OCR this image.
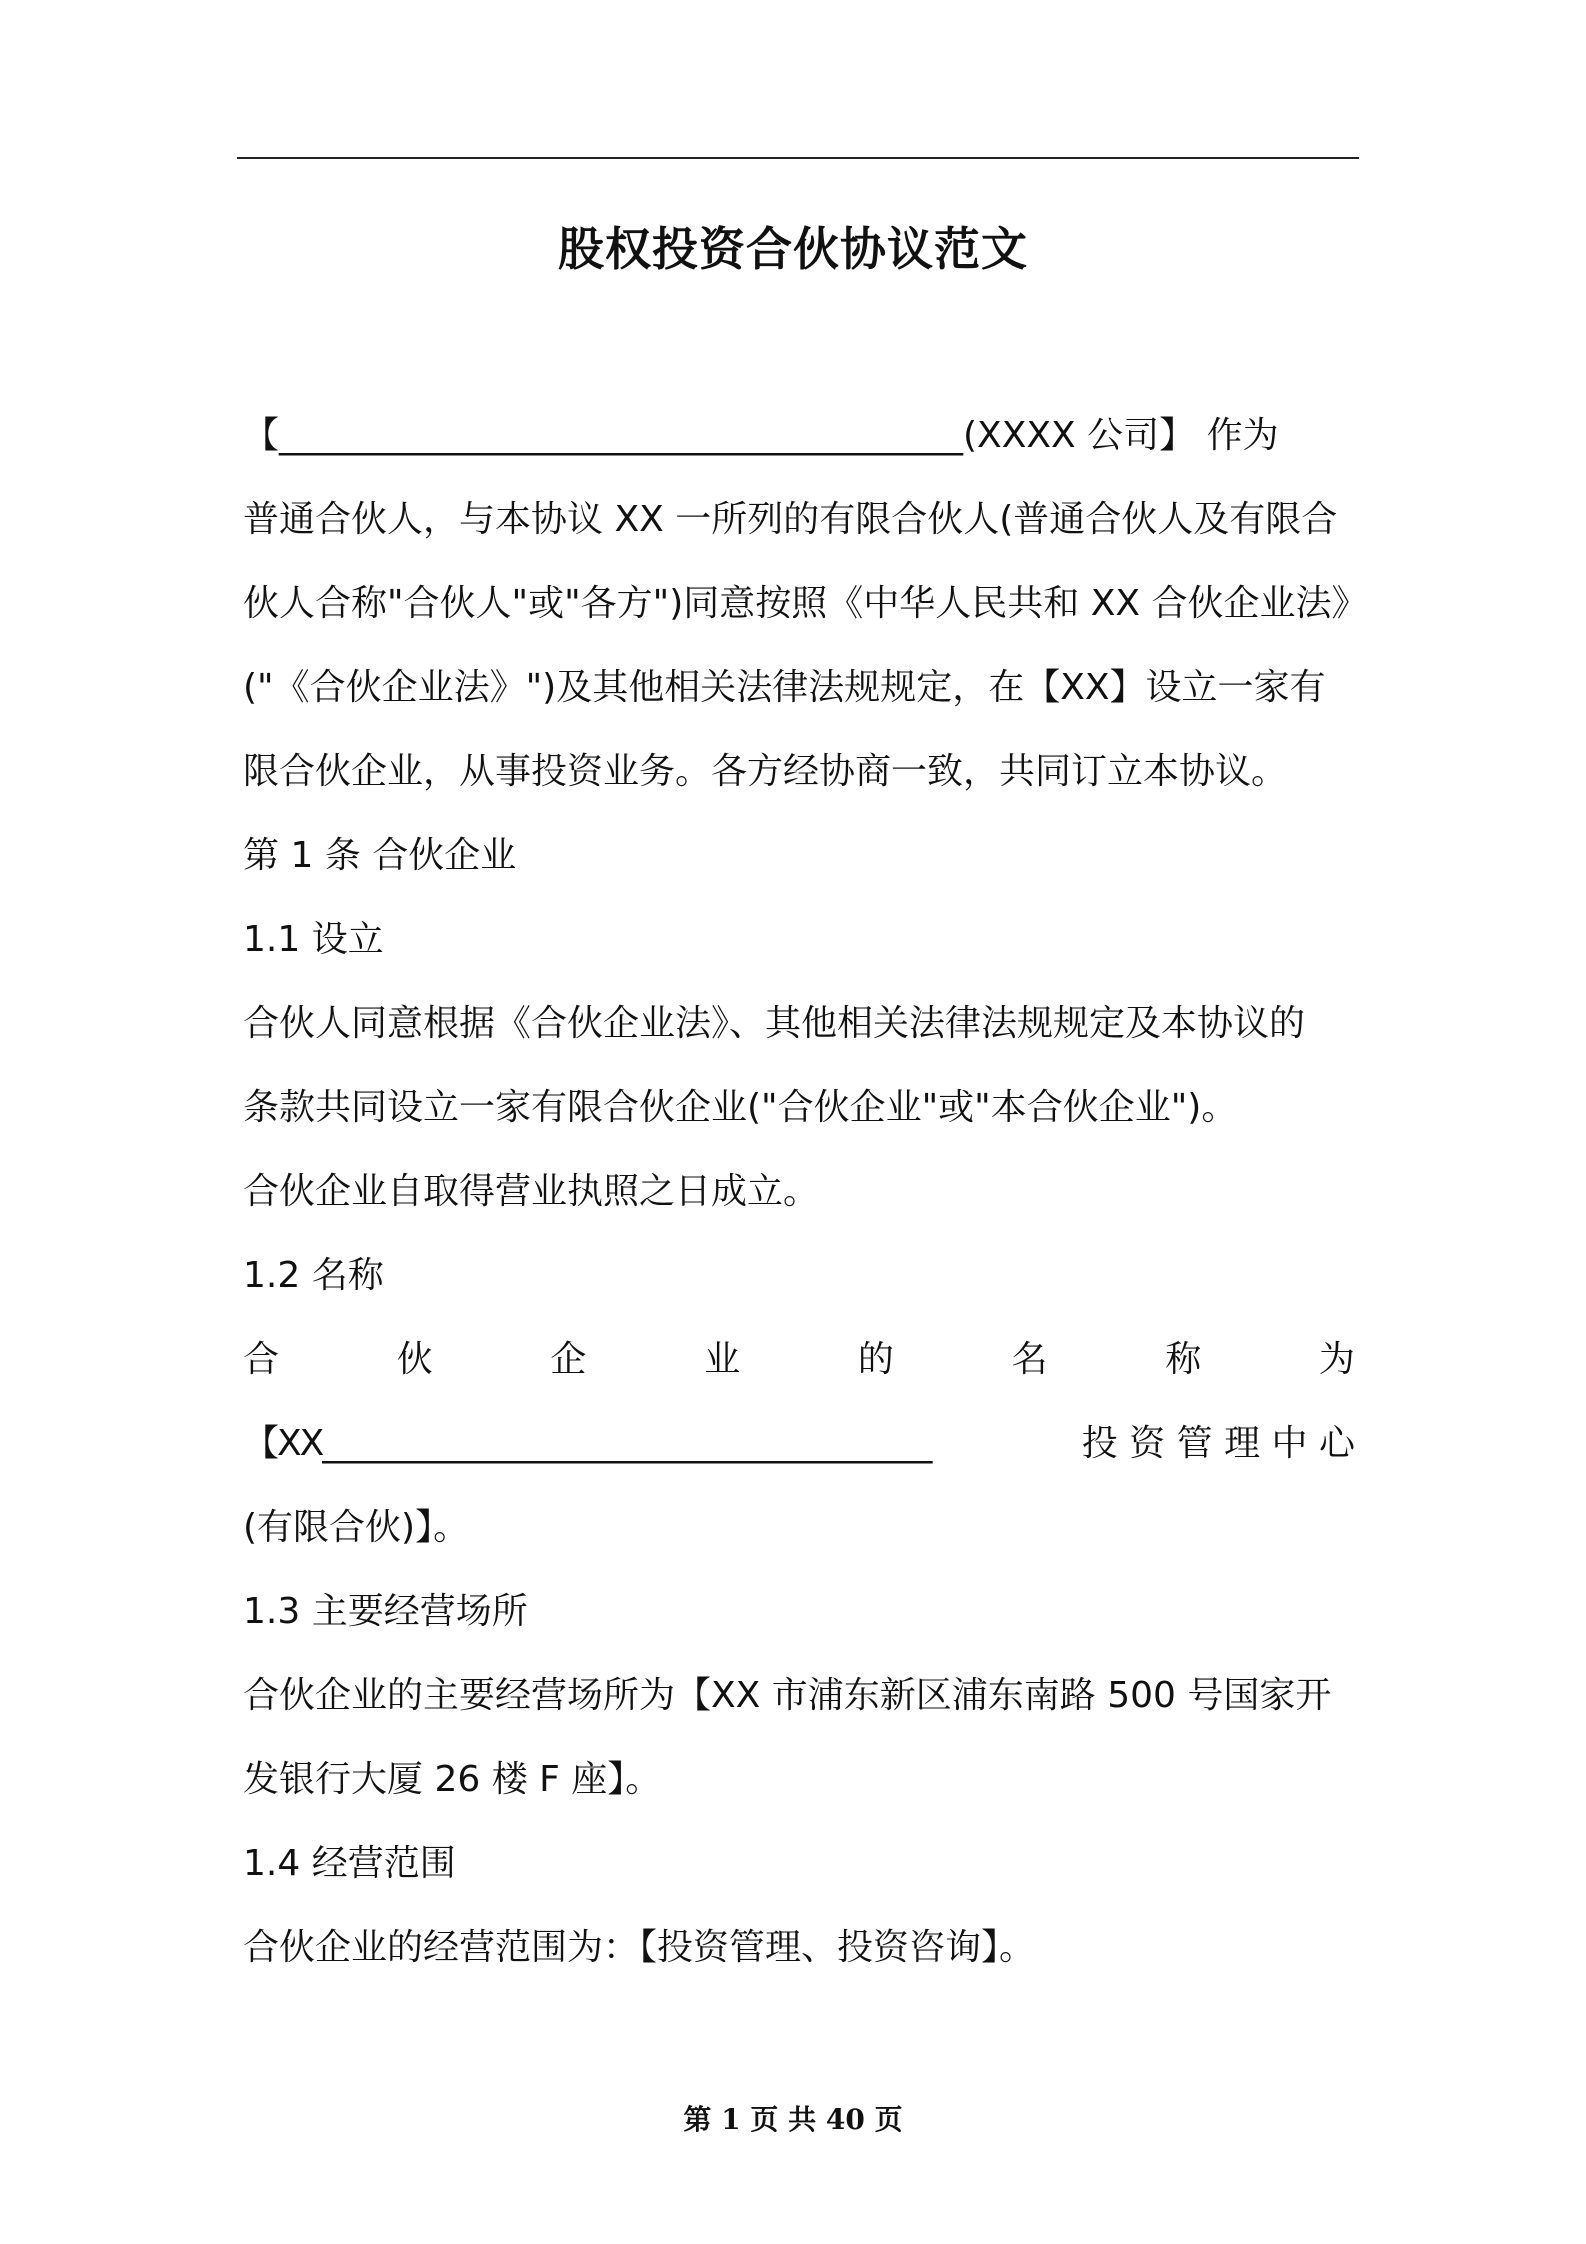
股权投资合伙协议范文
【______________________________________(XXXX 公司】 作为
普通合伙人，与本协议 XX 一所列的有限合伙人(普通合伙人及有限合
伙人合称"合伙人"或"各方")同意按照《中华人民共和 XX 合伙企业法》
("《合伙企业法》")及其他相关法律法规规定，在【XX】设立一家有
限合伙企业，从事投资业务。各方经协商一致，共同订立本协议。
第 1 条 合伙企业
1.1 设立
合伙人同意根据《合伙企业法》、其他相关法律法规规定及本协议的
条款共同设立一家有限合伙企业("合伙企业"或"本合伙企业")。
合伙企业自取得营业执照之日成立。
1.2 名称
合	伙	企	业	的	名	称	为
【XX______________________________________	投 资 管 理 中 心
(有限合伙)】。
1.3 主要经营场所
合伙企业的主要经营场所为【XX 市浦东新区浦东南路 500 号国家开
发银行大厦 26 楼 F 座】。
1.4 经营范围
合伙企业的经营范围为：【投资管理、投资咨询】。
第 1 页 共 40 页
